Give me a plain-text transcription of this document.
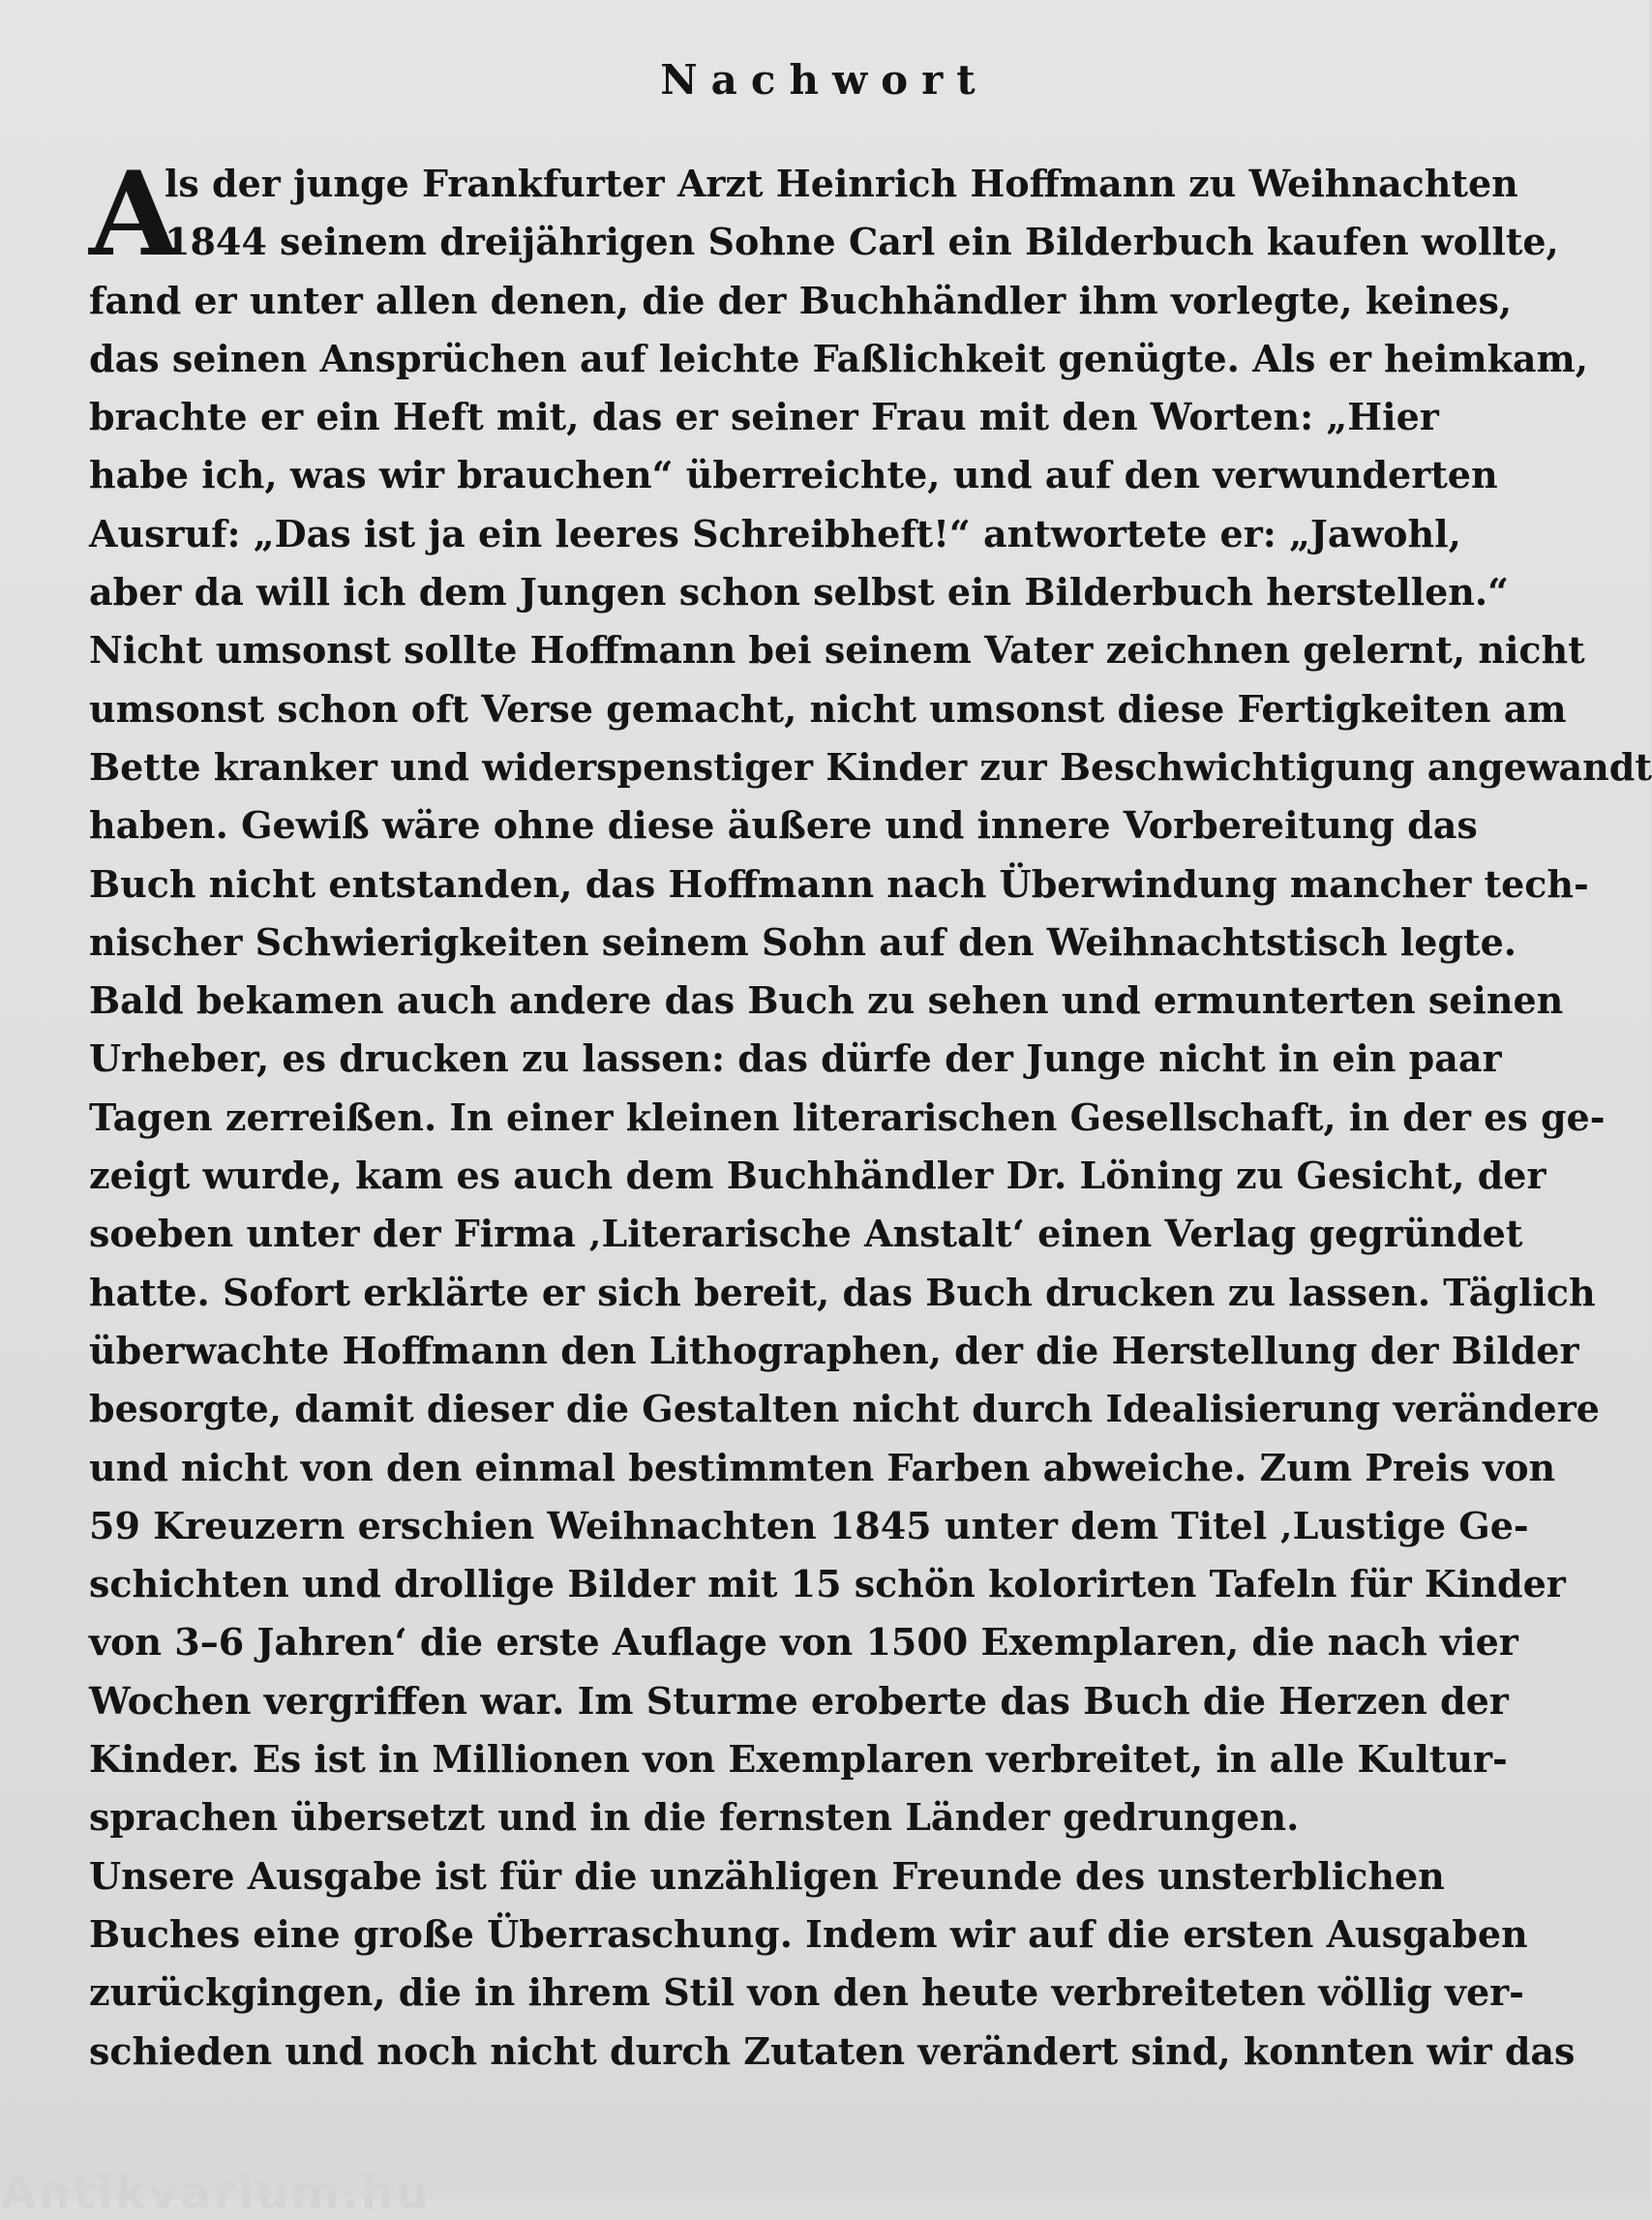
Nachwort
A
ls der junge Frankfurter Arzt Heinrich Hoffmann zu Weihnachten
1844 seinem dreijährigen Sohne Carl ein Bilderbuch kaufen wollte,
fand er unter allen denen, die der Buchhändler ihm vorlegte, keines,
das seinen Ansprüchen auf leichte Faßlichkeit genügte. Als er heimkam,
brachte er ein Heft mit, das er seiner Frau mit den Worten: „Hier
habe ich, was wir brauchen“ überreichte, und auf den verwunderten
Ausruf: „Das ist ja ein leeres Schreibheft!“ antwortete er: „Jawohl,
aber da will ich dem Jungen schon selbst ein Bilderbuch herstellen.“
Nicht umsonst sollte Hoffmann bei seinem Vater zeichnen gelernt, nicht
umsonst schon oft Verse gemacht, nicht umsonst diese Fertigkeiten am
Bette kranker und widerspenstiger Kinder zur Beschwichtigung angewandt
haben. Gewiß wäre ohne diese äußere und innere Vorbereitung das
Buch nicht entstanden, das Hoffmann nach Überwindung mancher tech-
nischer Schwierigkeiten seinem Sohn auf den Weihnachtstisch legte.
Bald bekamen auch andere das Buch zu sehen und ermunterten seinen
Urheber, es drucken zu lassen: das dürfe der Junge nicht in ein paar
Tagen zerreißen. In einer kleinen literarischen Gesellschaft, in der es ge-
zeigt wurde, kam es auch dem Buchhändler Dr. Löning zu Gesicht, der
soeben unter der Firma ‚Literarische Anstalt‘ einen Verlag gegründet
hatte. Sofort erklärte er sich bereit, das Buch drucken zu lassen. Täglich
überwachte Hoffmann den Lithographen, der die Herstellung der Bilder
besorgte, damit dieser die Gestalten nicht durch Idealisierung verändere
und nicht von den einmal bestimmten Farben abweiche. Zum Preis von
59 Kreuzern erschien Weihnachten 1845 unter dem Titel ‚Lustige Ge-
schichten und drollige Bilder mit 15 schön kolorirten Tafeln für Kinder
von 3–6 Jahren‘ die erste Auflage von 1500 Exemplaren, die nach vier
Wochen vergriffen war. Im Sturme eroberte das Buch die Herzen der
Kinder. Es ist in Millionen von Exemplaren verbreitet, in alle Kultur-
sprachen übersetzt und in die fernsten Länder gedrungen.
Unsere Ausgabe ist für die unzähligen Freunde des unsterblichen
Buches eine große Überraschung. Indem wir auf die ersten Ausgaben
zurückgingen, die in ihrem Stil von den heute verbreiteten völlig ver-
schieden und noch nicht durch Zutaten verändert sind, konnten wir das
Antikvarium.hu
